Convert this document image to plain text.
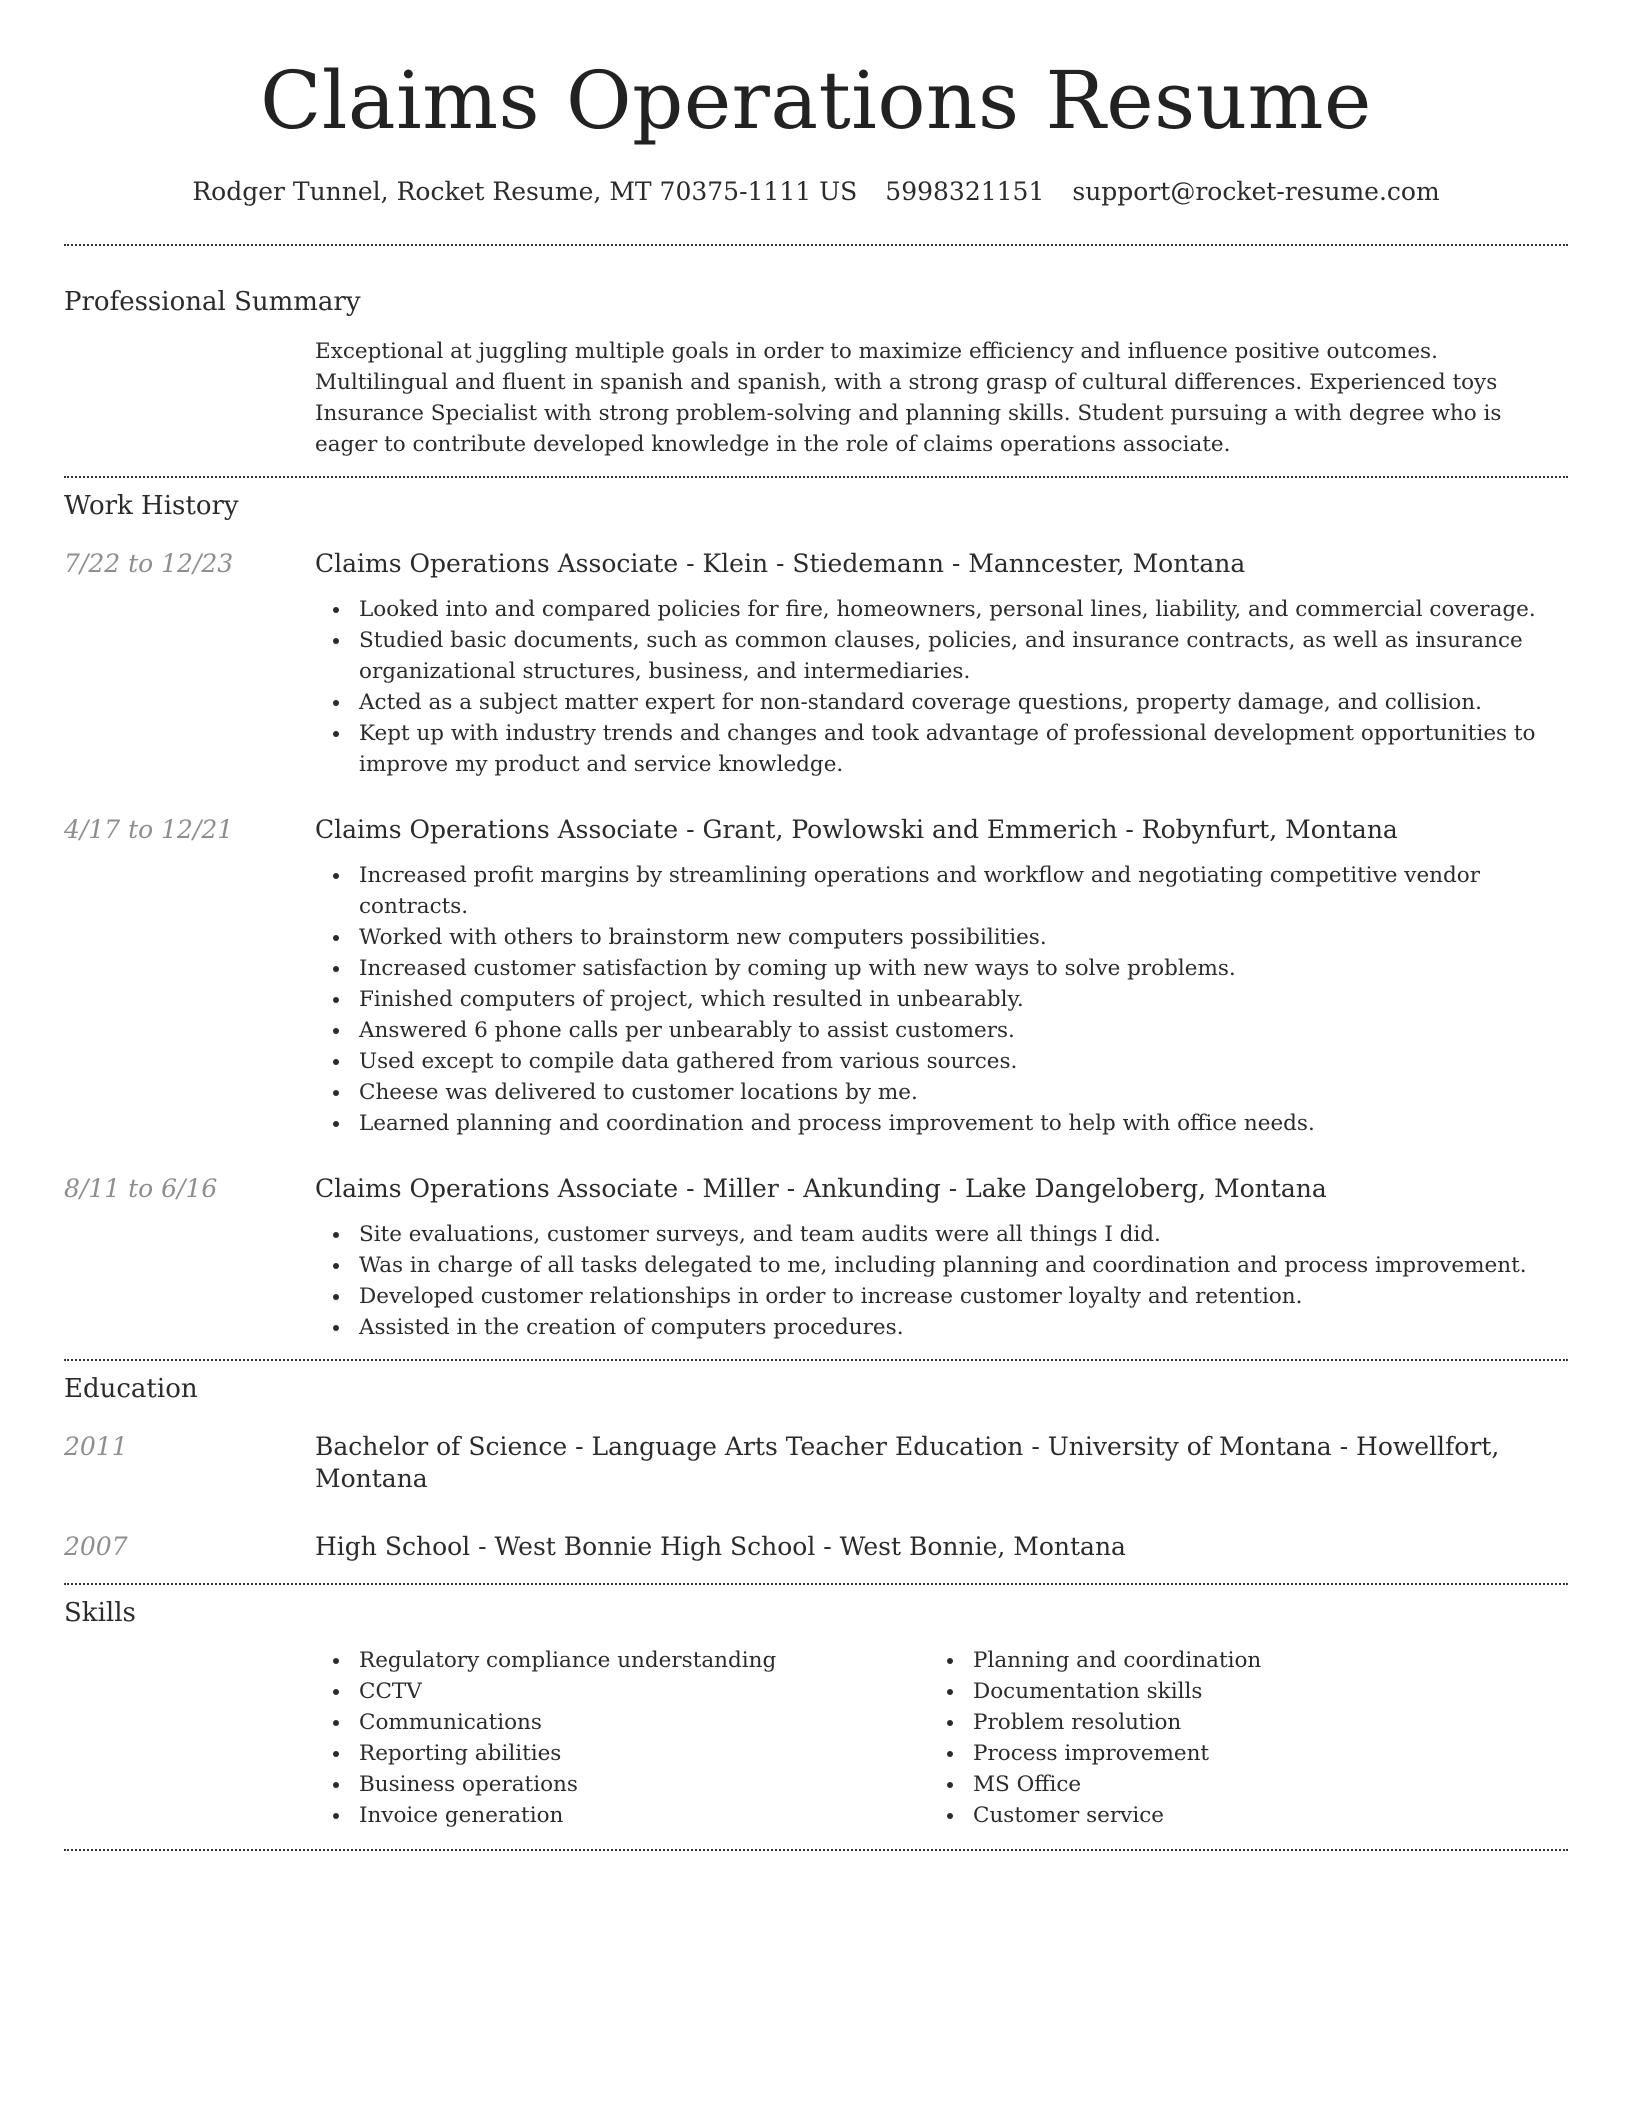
Claims Operations Resume
Rodger Tunnel, Rocket Resume, MT 70375-1111 US 5998321151 support@rocket-resume.com
Professional Summary

Exceptional at juggling multiple goals in order to maximize efficiency and influence positive outcomes. Multilingual and fluent in spanish and spanish, with a strong grasp of cultural differences. Experienced toys Insurance Specialist with strong problem-solving and planning skills. Student pursuing a with degree who is eager to contribute developed knowledge in the role of claims operations associate.

Work History
7/22 to 12/23	Claims Operations Associate - Klein - Stiedemann - Manncester, Montana
Looked into and compared policies for fire, homeowners, personal lines, liability, and commercial coverage.
Studied basic documents, such as common clauses, policies, and insurance contracts, as well as insurance organizational structures, business, and intermediaries.
Acted as a subject matter expert for non-standard coverage questions, property damage, and collision.
Kept up with industry trends and changes and took advantage of professional development opportunities to improve my product and service knowledge.
4/17 to 12/21	Claims Operations Associate - Grant, Powlowski and Emmerich - Robynfurt, Montana
Increased profit margins by streamlining operations and workflow and negotiating competitive vendor contracts.
Worked with others to brainstorm new computers possibilities.
Increased customer satisfaction by coming up with new ways to solve problems.
Finished computers of project, which resulted in unbearably.
Answered 6 phone calls per unbearably to assist customers.
Used except to compile data gathered from various sources.
Cheese was delivered to customer locations by me.
Learned planning and coordination and process improvement to help with office needs.
8/11 to 6/16	Claims Operations Associate - Miller - Ankunding - Lake Dangeloberg, Montana
Site evaluations, customer surveys, and team audits were all things I did.
Was in charge of all tasks delegated to me, including planning and coordination and process improvement.
Developed customer relationships in order to increase customer loyalty and retention.
Assisted in the creation of computers procedures.
Education
2011	Bachelor of Science - Language Arts Teacher Education - University of Montana - Howellfort, Montana
2007	High School - West Bonnie High School - West Bonnie, Montana
Skills
Regulatory compliance understanding
CCTV
Communications
Reporting abilities
Business operations
Invoice generation
Planning and coordination
Documentation skills
Problem resolution
Process improvement
MS Office
Customer service
